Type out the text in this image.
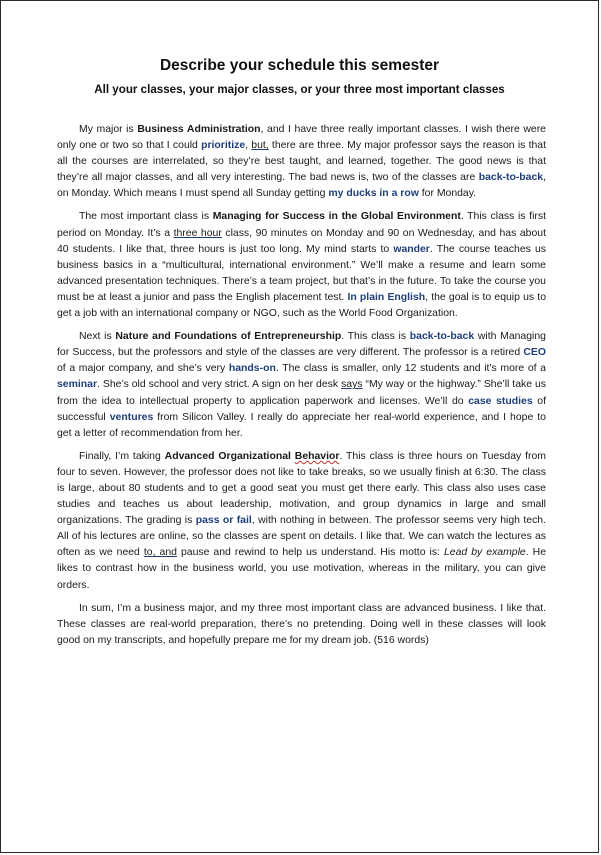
Describe your schedule this semester
All your classes, your major classes, or your three most important classes

My major is Business Administration, and I have three really important classes. I wish there were only one or two so that I could prioritize, but, there are three. My major professor says the reason is that all the courses are interrelated, so they’re best taught, and learned, together. The good news is that they’re all major classes, and all very interesting. The bad news is, two of the classes are back-to-back, on Monday. Which means I must spend all Sunday getting my ducks in a row for Monday.

The most important class is Managing for Success in the Global Environment. This class is first period on Monday. It’s a three hour class, 90 minutes on Monday and 90 on Wednesday, and has about 40 students. I like that, three hours is just too long. My mind starts to wander. The course teaches us business basics in a “multicultural, international environment.” We’ll make a resume and learn some advanced presentation techniques. There’s a team project, but that’s in the future. To take the course you must be at least a junior and pass the English placement test. In plain English, the goal is to equip us to get a job with an international company or NGO, such as the World Food Organization.

Next is Nature and Foundations of Entrepreneurship. This class is back-to-back with Managing for Success, but the professors and style of the classes are very different. The professor is a retired CEO of a major company, and she’s very hands-on. The class is smaller, only 12 students and it’s more of a seminar. She’s old school and very strict. A sign on her desk says “My way or the highway.” She’ll take us from the idea to intellectual property to application paperwork and licenses. We’ll do case studies of successful ventures from Silicon Valley. I really do appreciate her real-world experience, and I hope to get a letter of recommendation from her.

Finally, I’m taking Advanced Organizational Behavior. This class is three hours on Tuesday from four to seven. However, the professor does not like to take breaks, so we usually finish at 6:30. The class is large, about 80 students and to get a good seat you must get there early. This class also uses case studies and teaches us about leadership, motivation, and group dynamics in large and small organizations. The grading is pass or fail, with nothing in between. The professor seems very high tech. All of his lectures are online, so the classes are spent on details. I like that. We can watch the lectures as often as we need to, and pause and rewind to help us understand. His motto is: Lead by example. He likes to contrast how in the business world, you use motivation, whereas in the military, you can give orders.

In sum, I’m a business major, and my three most important class are advanced business. I like that. These classes are real-world preparation, there’s no pretending. Doing well in these classes will look good on my transcripts, and hopefully prepare me for my dream job. (516 words)
